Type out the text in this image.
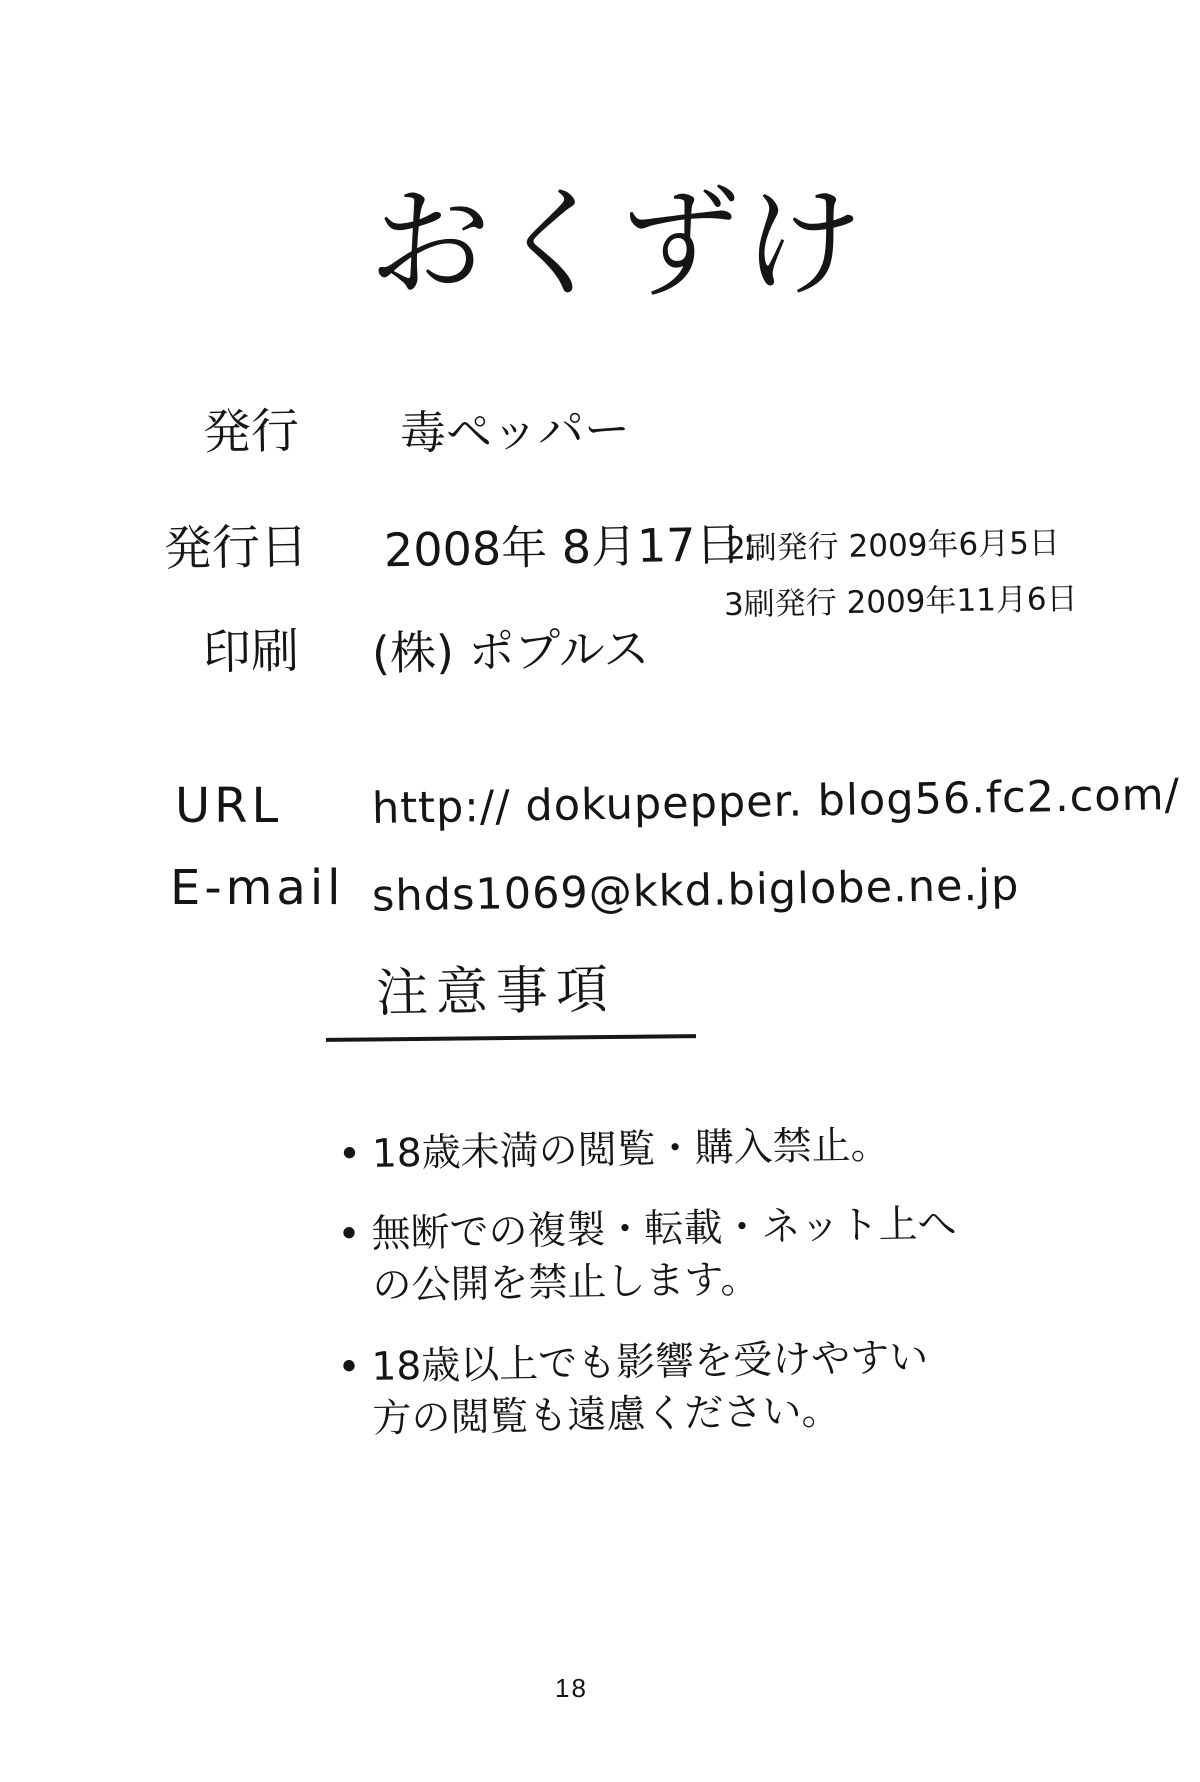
おくずけ
発行 毒ペッパー
発行日 2008年 8月17日:
2刷発行 2009年6月5日
3刷発行 2009年11月6日
印刷 (株) ポプルス
URL http:// dokupepper. blog56.fc2.com/
E-mail shds1069@kkd.biglobe.ne.jp
注意事項
• 18歳未満の閲覧・購入禁止。
• 無断での複製・転載・ネット上への公開を禁止します。
• 18歳以上でも影響を受けやすい方の閲覧も遠慮ください。
18
